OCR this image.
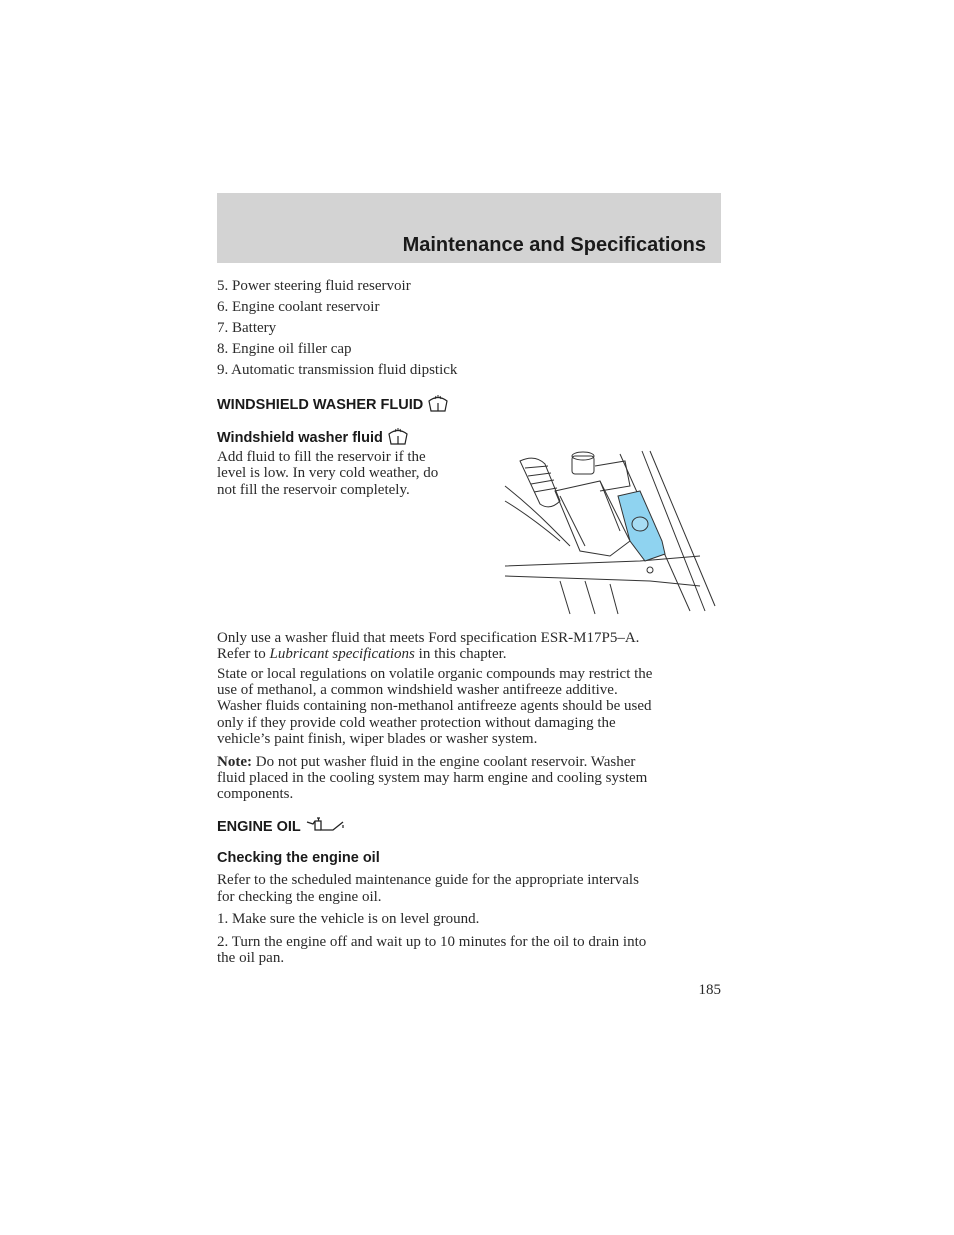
Maintenance and Specifications
5. Power steering fluid reservoir
6. Engine coolant reservoir
7. Battery
8. Engine oil filler cap
9. Automatic transmission fluid dipstick
WINDSHIELD WASHER FLUID
Windshield washer fluid
Add fluid to fill the reservoir if the
level is low. In very cold weather, do
not fill the reservoir completely.
Only use a washer fluid that meets Ford specification ESR-M17P5–A.
Refer to Lubricant specifications in this chapter.
State or local regulations on volatile organic compounds may restrict the
use of methanol, a common windshield washer antifreeze additive.
Washer fluids containing non-methanol antifreeze agents should be used
only if they provide cold weather protection without damaging the
vehicle’s paint finish, wiper blades or washer system.
Note: Do not put washer fluid in the engine coolant reservoir. Washer
fluid placed in the cooling system may harm engine and cooling system
components.
ENGINE OIL
Checking the engine oil
Refer to the scheduled maintenance guide for the appropriate intervals
for checking the engine oil.
1. Make sure the vehicle is on level ground.
2. Turn the engine off and wait up to 10 minutes for the oil to drain into
the oil pan.
185
